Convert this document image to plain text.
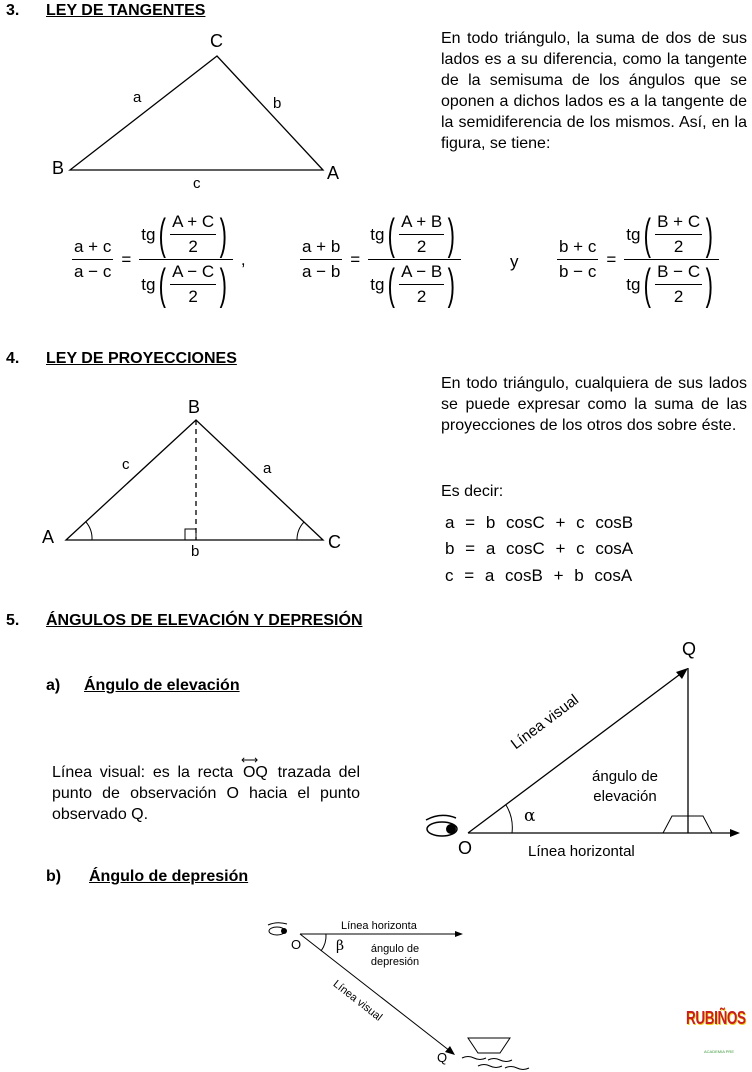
3. LEY DE TANGENTES
C
a	b
B	A
c
En todo triángulo, la suma de dos de sus lados es a su diferencia, como la tangente de la semisuma de los ángulos que se oponen a dichos lados es a la tangente de la semidiferencia de los mismos. Así, en la figura, se tiene:
$\frac{a + c}{a - c} = \frac{tg ( \frac{A + C}{2} )}{tg ( \frac{A - C}{2} )}$ ,	$\frac{a + b}{a - b} = \frac{tg ( \frac{A + B}{2} )}{tg ( \frac{A - B}{2} )}$	y $\frac{b + c}{b - c} = \frac{tg ( \frac{B + C}{2} )}{tg ( \frac{B - C}{2} )}$
4. LEY DE PROYECCIONES
B
c	a
A	C
b
En todo triángulo, cualquiera de sus lados se puede expresar como la suma de las proyecciones de los otros dos sobre éste.
Es decir:
a = b cosC + c cosB
b = a cosC + c cosA
c = a cosB + b cosA
5. ÁNGULOS DE ELEVACIÓN Y DEPRESIÓN
a) Ángulo de elevación
Línea visual: es la recta
⟷
OQ trazada del punto de observación O hacia el punto observado Q.
Q
Línea visual
ángulo de elevación
α
O	Línea horizontal
b) Ángulo de depresión
Línea horizonta
O β	ángulo de depresión
Línea visual
Q
RUBIÑOS
ACADEMIA PRE
